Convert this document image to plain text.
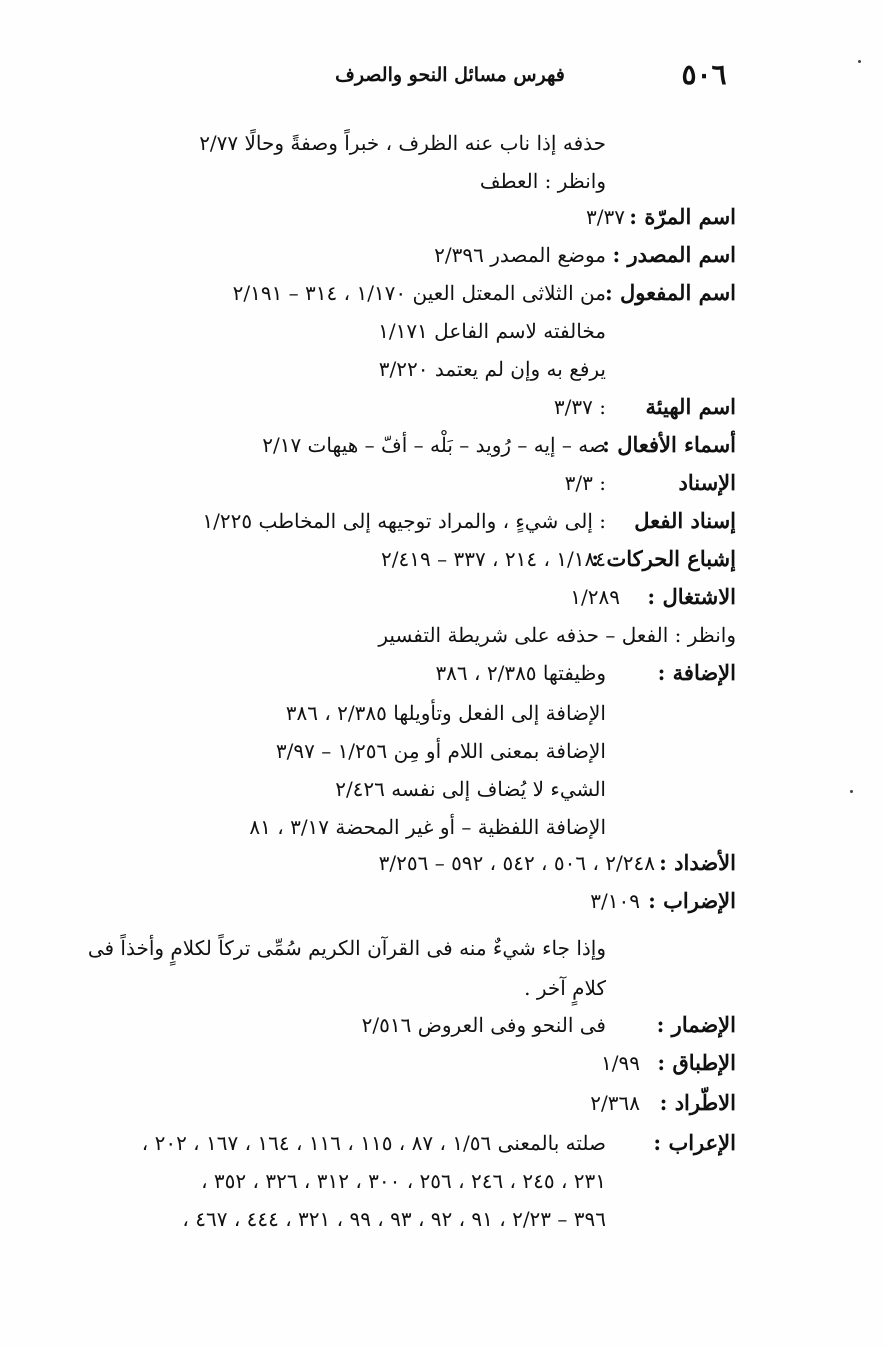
٥٠٦
فهرس مسائل النحو والصرف
حذفه إذا ناب عنه الظرف ، خبراً وصفةً وحالًا ٢/٧٧
وانظر : العطف
اسم المرّة :
٣/٣٧
اسم المصدر :
موضع المصدر ٢/٣٩٦
اسم المفعول :
من الثلاثى المعتل العين ١/١٧٠ ، ٣١٤ – ٢/١٩١
مخالفته لاسم الفاعل ١/١٧١
يرفع به وإن لم يعتمد ٣/٢٢٠
اسم الهيئة
: ٣/٣٧
أسماء الأفعال :
صه – إيه – رُويد – بَلْه – أفّ – هيهات ٢/١٧
الإسناد
: ٣/٣
إسناد الفعل
: إلى شيءٍ ، والمراد توجيهه إلى المخاطب ١/٢٢٥
إشباع الحركات :
١/١٨٤ ، ٢١٤ ، ٣٣٧ – ٢/٤١٩
الاشتغال :
١/٢٨٩
وانظر : الفعل – حذفه على شريطة التفسير
الإضافة :
وظيفتها ٢/٣٨٥ ، ٣٨٦
الإضافة إلى الفعل وتأويلها ٢/٣٨٥ ، ٣٨٦
الإضافة بمعنى اللام أو مِن ١/٢٥٦ – ٣/٩٧
الشيء لا يُضاف إلى نفسه ٢/٤٢٦
الإضافة اللفظية – أو غير المحضة ٣/١٧ ، ٨١
الأضداد :
٢/٢٤٨ ، ٥٠٦ ، ٥٤٢ ، ٥٩٢ – ٣/٢٥٦
الإضراب :
٣/١٠٩
وإذا جاء شيءٌ منه فى القرآن الكريم سُمِّى تركاً لكلامٍ وأخذاً فى كلامٍ آخر .
الإضمار :
فى النحو وفى العروض ٢/٥١٦
الإطباق :
١/٩٩
الاطّراد :
٢/٣٦٨
الإعراب :
صلته بالمعنى ١/٥٦ ، ٨٧ ، ١١٥ ، ١١٦ ، ١٦٤ ، ١٦٧ ، ٢٠٢ ،
٢٣١ ، ٢٤٥ ، ٢٤٦ ، ٢٥٦ ، ٣٠٠ ، ٣١٢ ، ٣٢٦ ، ٣٥٢ ،
٣٩٦ – ٢/٢٣ ، ٩١ ، ٩٢ ، ٩٣ ، ٩٩ ، ٣٢١ ، ٤٤٤ ، ٤٦٧ ،
